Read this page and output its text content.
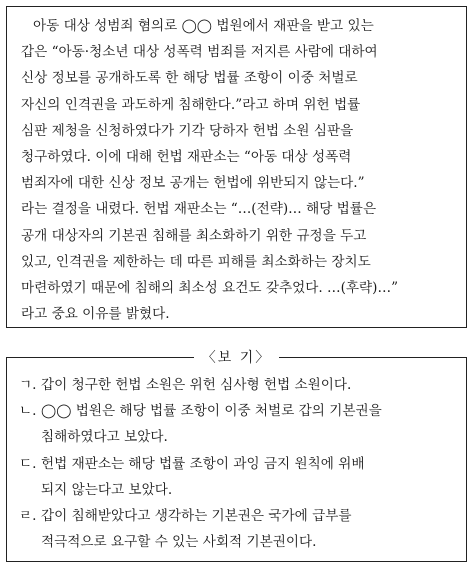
아동 대상 성범죄 혐의로 ◯◯ 법원에서 재판을 받고 있는
갑은 “아동·청소년 대상 성폭력 범죄를 저지른 사람에 대하여
신상 정보를 공개하도록 한 해당 법률 조항이 이중 처벌로
자신의 인격권을 과도하게 침해한다.”라고 하며 위헌 법률
심판 제청을 신청하였다가 기각 당하자 헌법 소원 심판을
청구하였다. 이에 대해 헌법 재판소는 “아동 대상 성폭력
범죄자에 대한 신상 정보 공개는 헌법에 위반되지 않는다.”
라는 결정을 내렸다. 헌법 재판소는 “…(전략)… 해당 법률은
공개 대상자의 기본권 침해를 최소화하기 위한 규정을 두고
있고, 인격권을 제한하는 데 따른 피해를 최소화하는 장치도
마련하였기 때문에 침해의 최소성 요건도 갖추었다. …(후략)…”
라고 중요 이유를 밝혔다.
〈보 기〉
ㄱ. 갑이 청구한 헌법 소원은 위헌 심사형 헌법 소원이다.
ㄴ. ◯◯ 법원은 해당 법률 조항이 이중 처벌로 갑의 기본권을
침해하였다고 보았다.
ㄷ. 헌법 재판소는 해당 법률 조항이 과잉 금지 원칙에 위배
되지 않는다고 보았다.
ㄹ. 갑이 침해받았다고 생각하는 기본권은 국가에 급부를
적극적으로 요구할 수 있는 사회적 기본권이다.
